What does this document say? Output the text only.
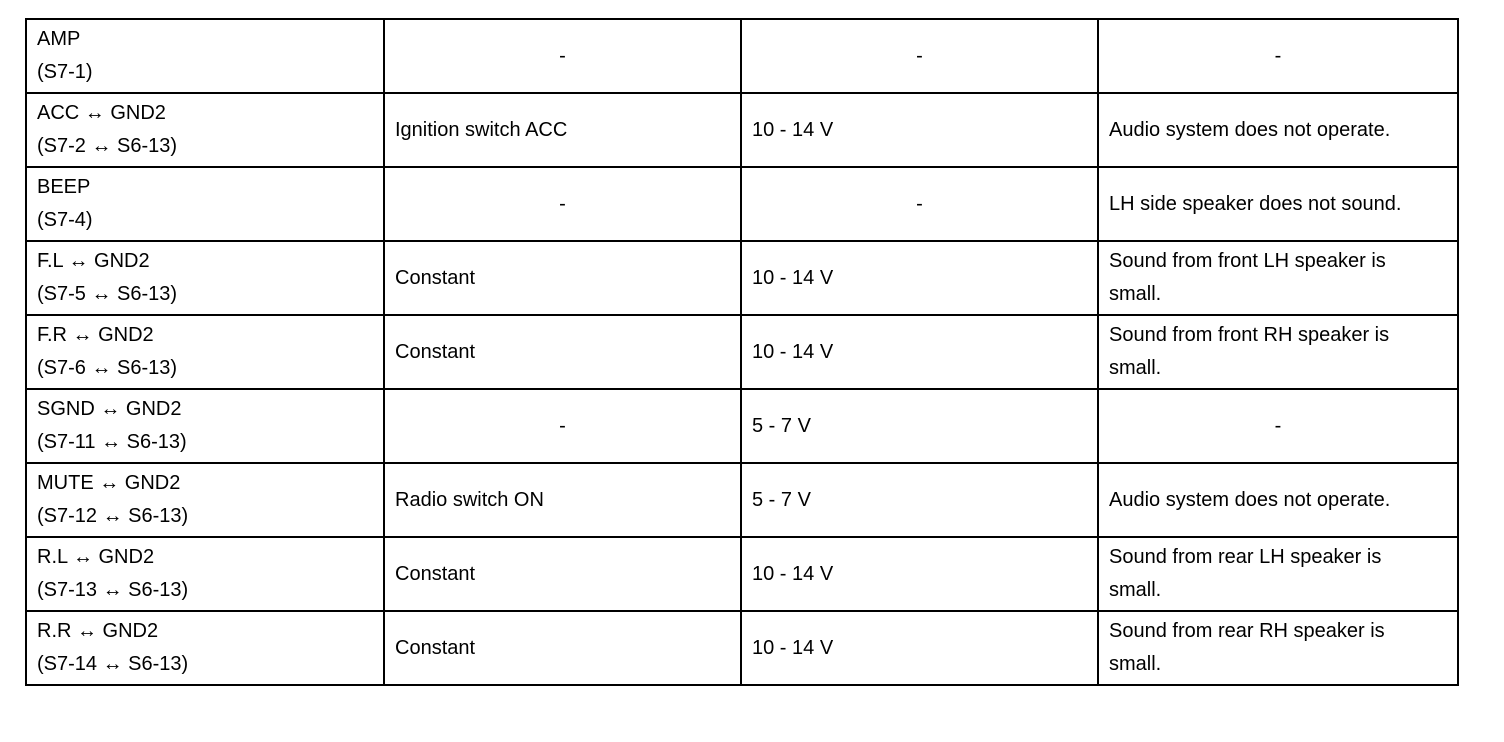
AMP
(S7-1)	-	-	-

ACC ↔ GND2
(S7-2 ↔ S6-13)	Ignition switch ACC	10 - 14 V	Audio system does not operate.

BEEP
(S7-4)	-	-	LH side speaker does not sound.

F.L ↔ GND2
(S7-5 ↔ S6-13)	Constant	10 - 14 V	Sound from front LH speaker is
small.

F.R ↔ GND2
(S7-6 ↔ S6-13)	Constant	10 - 14 V	Sound from front RH speaker is
small.

SGND ↔ GND2
(S7-11 ↔ S6-13)	-	5 - 7 V	-

MUTE ↔ GND2
(S7-12 ↔ S6-13)	Radio switch ON	5 - 7 V	Audio system does not operate.

R.L ↔ GND2
(S7-13 ↔ S6-13)	Constant	10 - 14 V	Sound from rear LH speaker is
small.

R.R ↔ GND2
(S7-14 ↔ S6-13)	Constant	10 - 14 V	Sound from rear RH speaker is
small.
